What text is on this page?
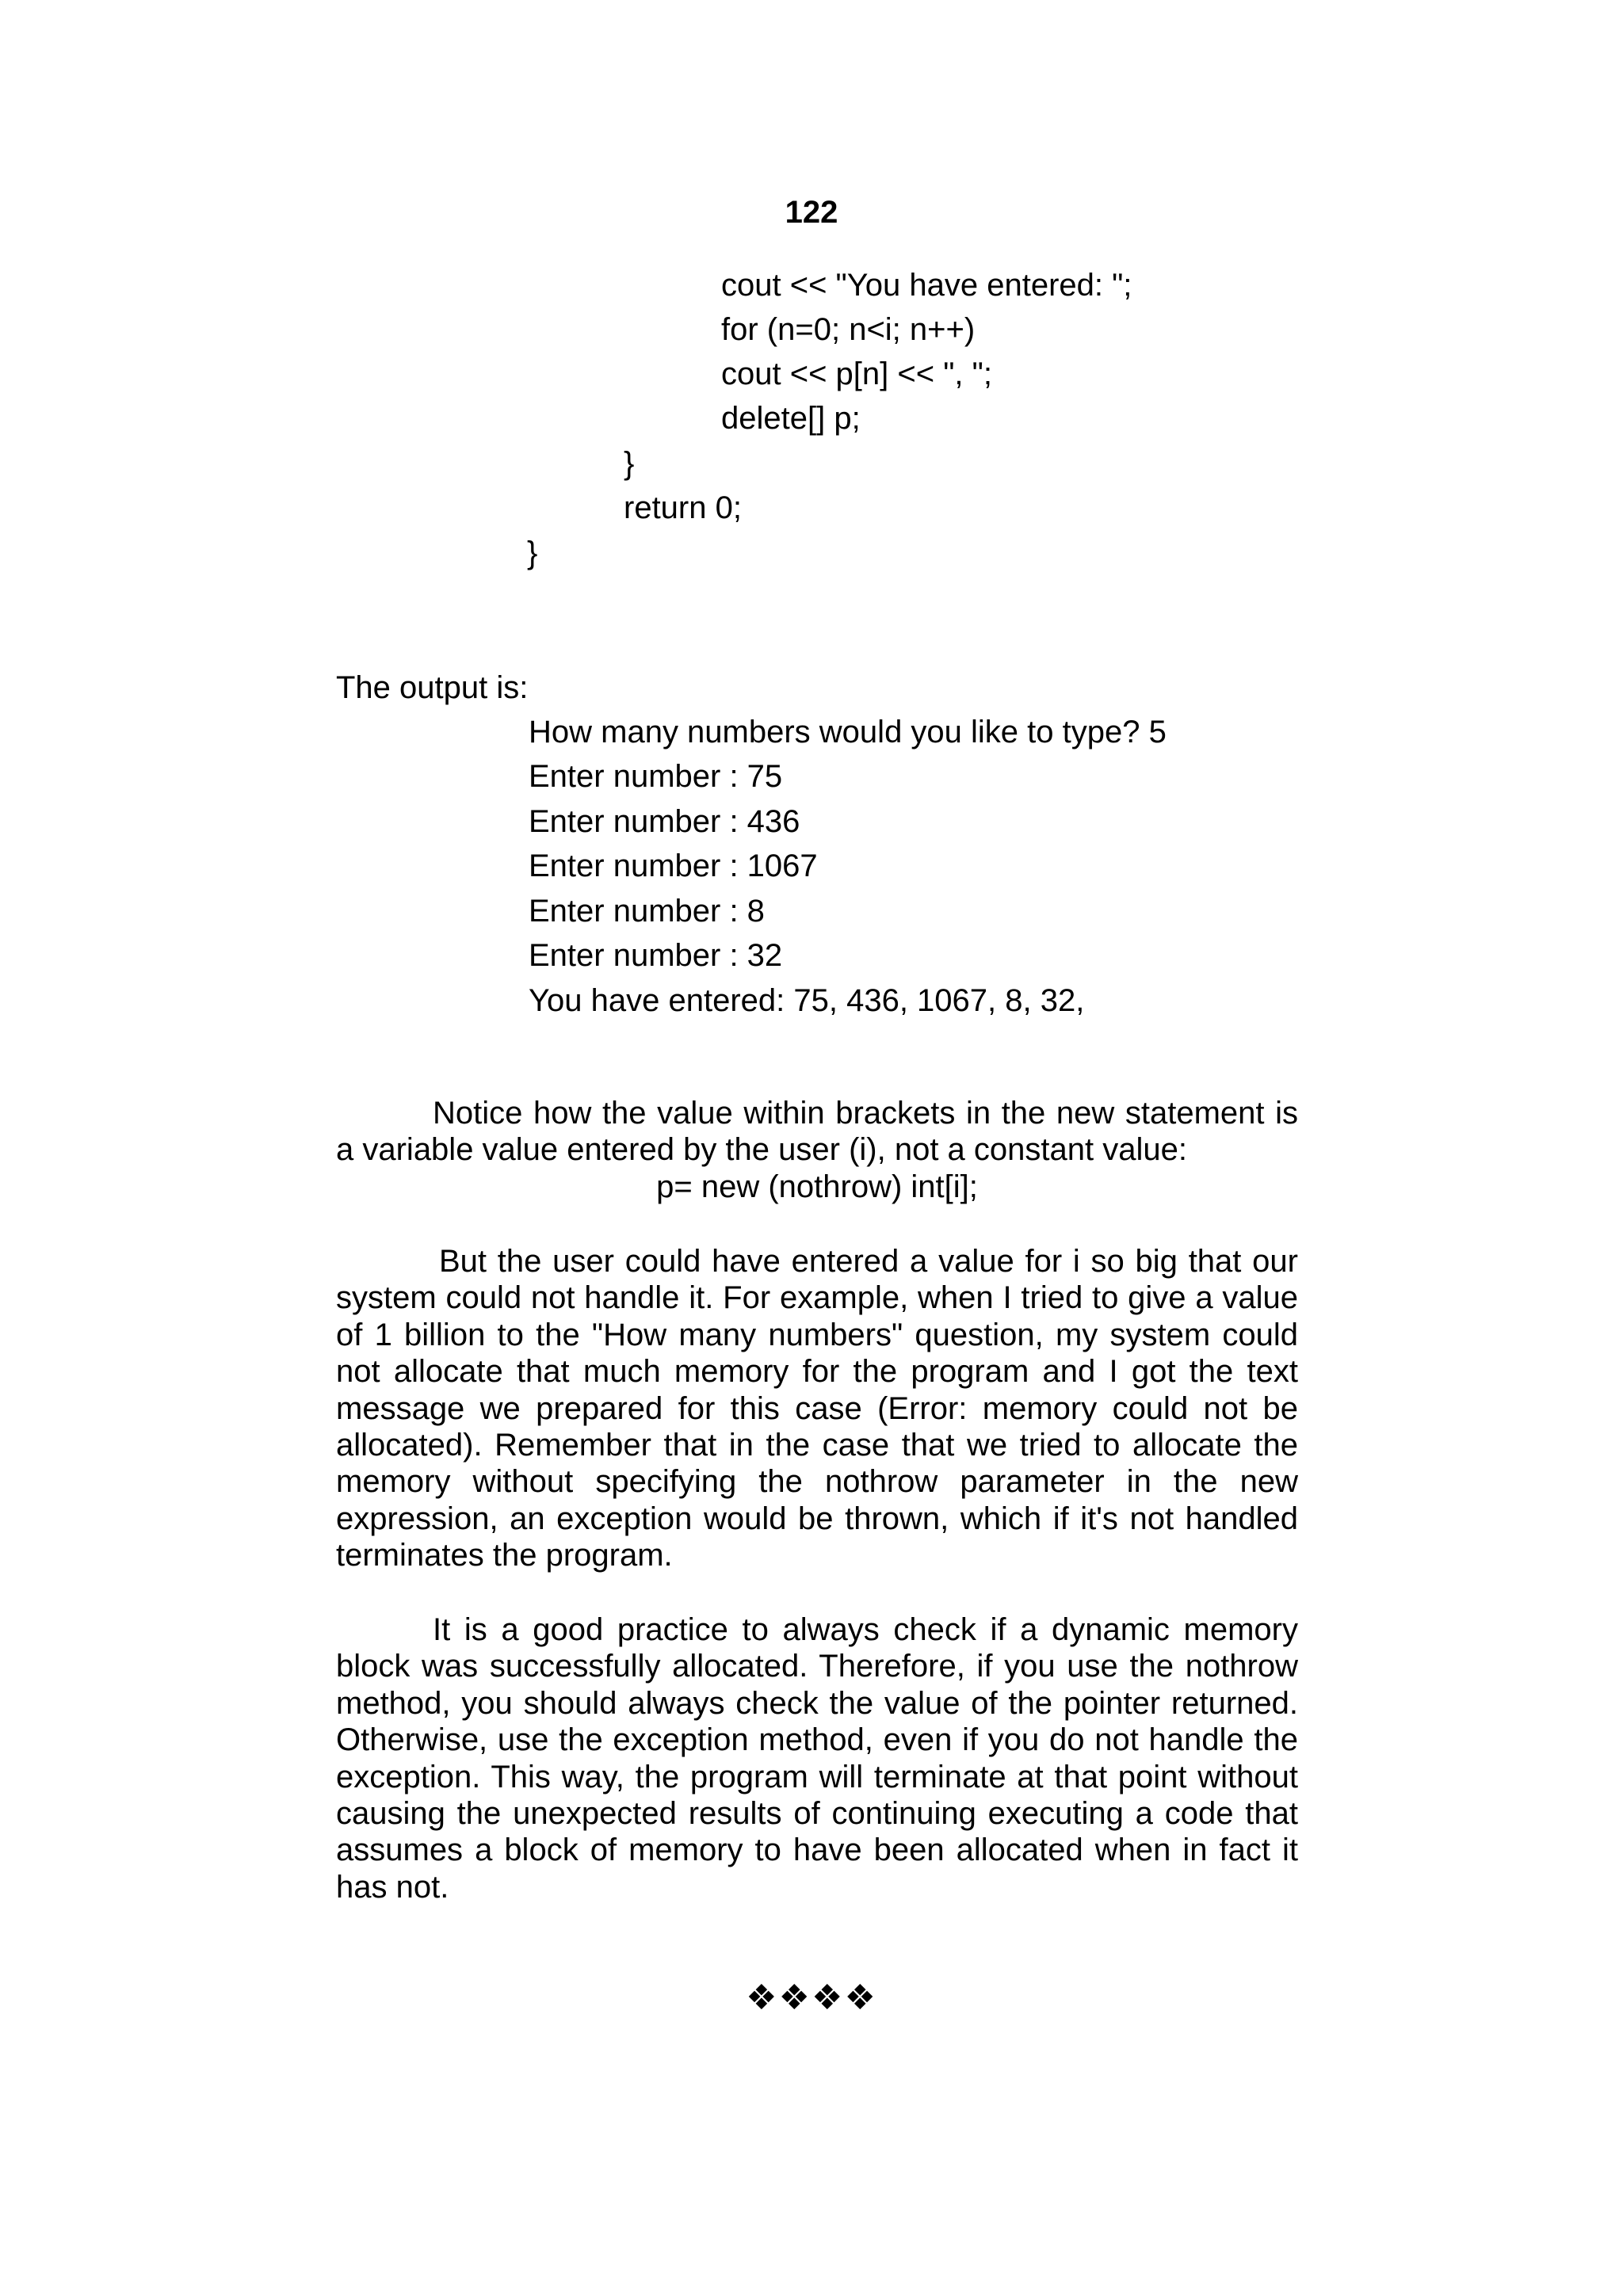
122
cout << "You have entered: ";
for (n=0; n<i; n++)
cout << p[n] << ", ";
delete[] p;
}
return 0;
}
The output is:
How many numbers would you like to type? 5
Enter number : 75
Enter number : 436
Enter number : 1067
Enter number : 8
Enter number : 32
You have entered: 75, 436, 1067, 8, 32,

Notice how the value within brackets in the new statement is a variable value entered by the user (i), not a constant value:

p= new (nothrow) int[i];

But the user could have entered a value for i so big that our system could not handle it. For example, when I tried to give a value of 1 billion to the "How many numbers" question, my system could not allocate that much memory for the program and I got the text message we prepared for this case (Error: memory could not be allocated). Remember that in the case that we tried to allocate the memory without specifying the nothrow parameter in the new expression, an exception would be thrown, which if it's not handled terminates the program.

It is a good practice to always check if a dynamic memory block was successfully allocated. Therefore, if you use the nothrow method, you should always check the value of the pointer returned. Otherwise, use the exception method, even if you do not handle the exception. This way, the program will terminate at that point without causing the unexpected results of continuing executing a code that assumes a block of memory to have been allocated when in fact it has not.

❖❖❖❖
